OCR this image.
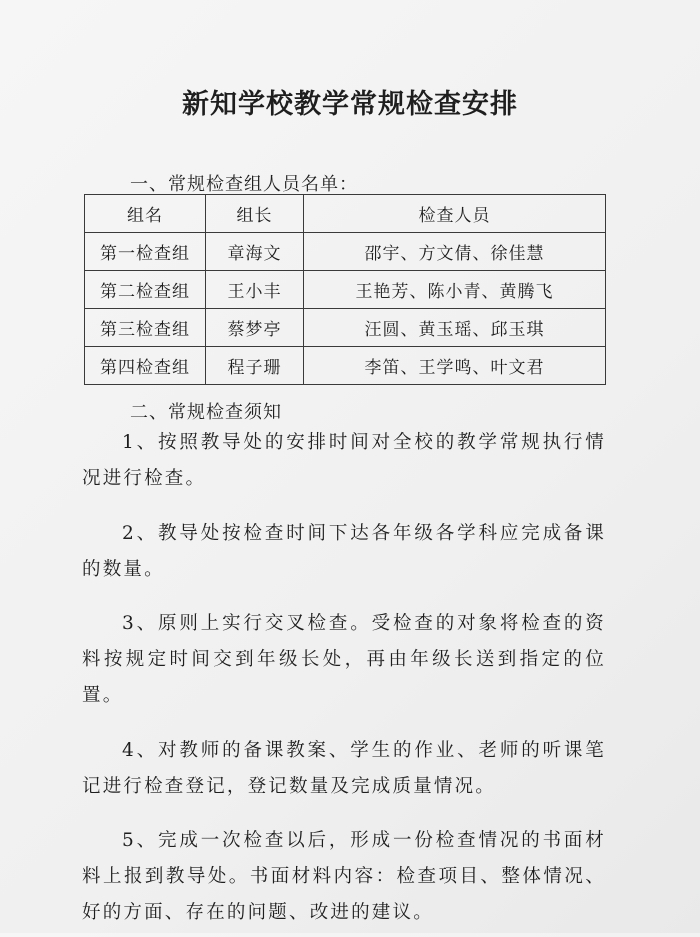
新知学校教学常规检查安排
一、常规检查组人员名单：
组名	组长	检查人员
第一检查组	章海文	邵宇、方文倩、徐佳慧
第二检查组	王小丰	王艳芳、陈小青、黄腾飞
第三检查组	蔡梦亭	汪圆、黄玉瑶、邱玉琪
第四检查组	程子珊	李笛、王学鸣、叶文君
二、常规检查须知

1、按照教导处的安排时间对全校的教学常规执行情况进行检查。

2、教导处按检查时间下达各年级各学科应完成备课的数量。

3、原则上实行交叉检查。受检查的对象将检查的资料按规定时间交到年级长处，再由年级长送到指定的位置。

4、对教师的备课教案、学生的作业、老师的听课笔记进行检查登记，登记数量及完成质量情况。

5、完成一次检查以后，形成一份检查情况的书面材料上报到教导处。书面材料内容：检查项目、整体情况、好的方面、存在的问题、改进的建议。
